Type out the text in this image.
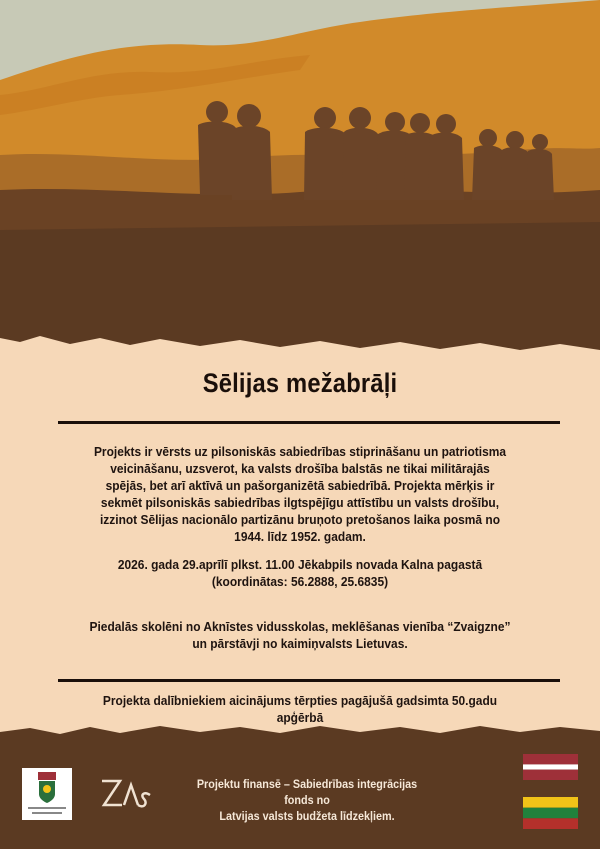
Sēlijas mežabrāļi
Projekts ir vērsts uz pilsoniskās sabiedrības stiprināšanu un patriotisma veicināšanu, uzsverot, ka valsts drošība balstās ne tikai militārajās spējās, bet arī aktīvā un pašorganizētā sabiedrībā. Projekta mērķis ir sekmēt pilsoniskās sabiedrības ilgtspējīgu attīstību un valsts drošību, izzinot Sēlijas nacionālo partizānu bruņoto pretošanos laika posmā no 1944. līdz 1952. gadam.
2026. gada 29.aprīlī plkst. 11.00 Jēkabpils novada Kalna pagastā
(koordinātas: 56.2888, 25.6835)
Piedalās skolēni no Aknīstes vidusskolas, meklēšanas vienība “Zvaigzne” un pārstāvji no kaimiņvalsts Lietuvas.
Projekta dalībniekiem aicinājums tērpties pagājušā gadsimta 50.gadu apģērbā
Projektu finansē – Sabiedrības integrācijas fonds no
Latvijas valsts budžeta līdzekļiem.
